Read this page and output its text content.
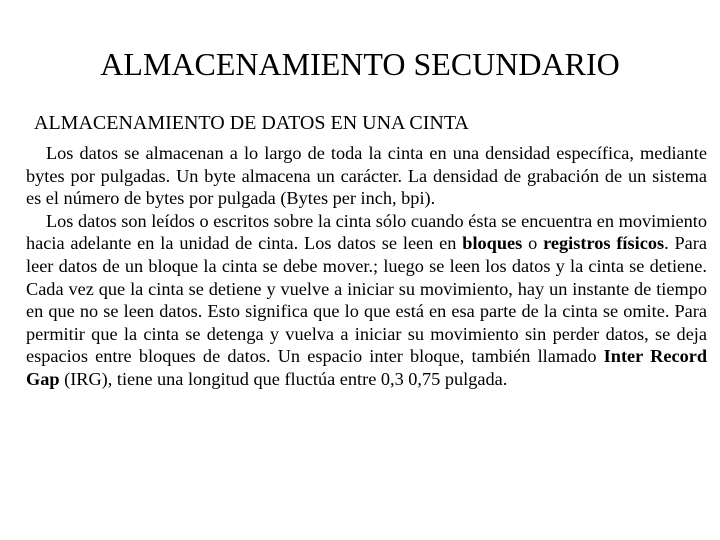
ALMACENAMIENTO SECUNDARIO
ALMACENAMIENTO DE DATOS EN UNA CINTA

Los datos se almacenan a lo largo de toda la cinta en una densidad específica, mediante bytes por pulgadas. Un byte almacena un carácter. La densidad de grabación de un sistema es el número de bytes por pulgada (Bytes per inch, bpi).

Los datos son leídos o escritos sobre la cinta sólo cuando ésta se encuentra en movimiento hacia adelante en la unidad de cinta. Los datos se leen en bloques o registros físicos. Para leer datos de un bloque la cinta se debe mover.; luego se leen los datos y la cinta se detiene. Cada vez que la cinta se detiene y vuelve a iniciar su movimiento, hay un instante de tiempo en que no se leen datos. Esto significa que lo que está en esa parte de la cinta se omite. Para permitir que la cinta se detenga y vuelva a iniciar su movimiento sin perder datos, se deja espacios entre bloques de datos. Un espacio inter bloque, también llamado Inter Record Gap (IRG), tiene una longitud que fluctúa entre 0,3 0,75 pulgada.
